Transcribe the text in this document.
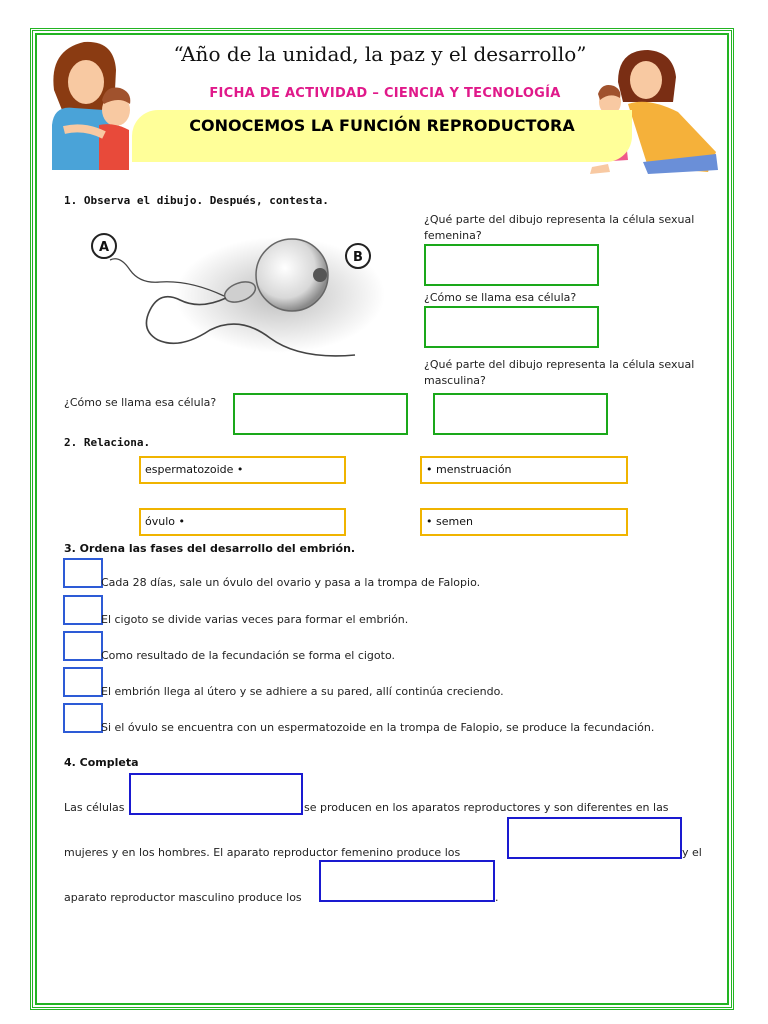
“Año de la unidad, la paz y el desarrollo”
FICHA DE ACTIVIDAD – CIENCIA Y TECNOLOGÍA
CONOCEMOS LA FUNCIÓN REPRODUCTORA
1. Observa el dibujo. Después, contesta.
A
B
¿Qué parte del dibujo representa la célula sexual femenina?
¿Cómo se llama esa célula?
¿Qué parte del dibujo representa la célula sexual masculina?
¿Cómo se llama esa célula?
2. Relaciona.
espermatozoide •	• menstruación
óvulo •	• semen
3. Ordena las fases del desarrollo del embrión.
Cada 28 días, sale un óvulo del ovario y pasa a la trompa de Falopio.
El cigoto se divide varias veces para formar el embrión.
Como resultado de la fecundación se forma el cigoto.
El embrión llega al útero y se adhiere a su pared, allí continúa creciendo.
Si el óvulo se encuentra con un espermatozoide en la trompa de Falopio, se produce la fecundación.
4. Completa
Las células	se producen en los aparatos reproductores y son diferentes en las
mujeres y en los hombres. El aparato reproductor femenino produce los	y el
aparato reproductor masculino produce los	.
